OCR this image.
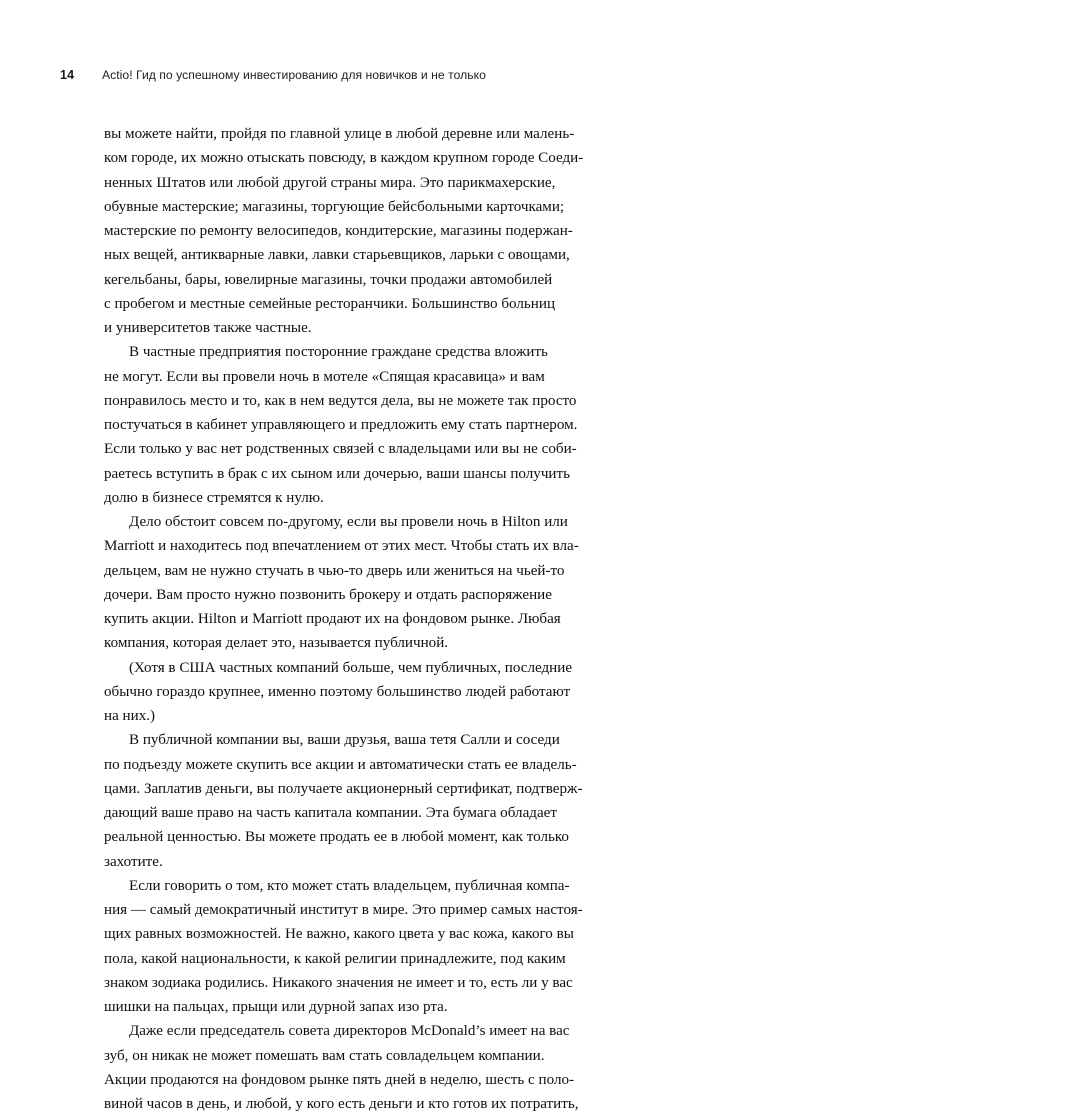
14	Actio! Гид по успешному инвестированию для новичков и не только

вы можете найти, пройдя по главной улице в любой деревне или малень-
ком городе, их можно отыскать повсюду, в каждом крупном городе Соеди-
ненных Штатов или любой другой страны мира. Это парикмахерские,
обувные мастерские; магазины, торгующие бейсбольными карточками;
мастерские по ремонту велосипедов, кондитерские, магазины подержан-
ных вещей, антикварные лавки, лавки старьевщиков, ларьки с овощами,
кегельбаны, бары, ювелирные магазины, точки продажи автомобилей
с пробегом и местные семейные ресторанчики. Большинство больниц
и университетов также частные.

В частные предприятия посторонние граждане средства вложить
не могут. Если вы провели ночь в мотеле «Спящая красавица» и вам
понравилось место и то, как в нем ведутся дела, вы не можете так просто
постучаться в кабинет управляющего и предложить ему стать партнером.
Если только у вас нет родственных связей с владельцами или вы не соби-
раетесь вступить в брак с их сыном или дочерью, ваши шансы получить
долю в бизнесе стремятся к нулю.

Дело обстоит совсем по-другому, если вы провели ночь в Hilton или
Marriott и находитесь под впечатлением от этих мест. Чтобы стать их вла-
дельцем, вам не нужно стучать в чью-то дверь или жениться на чьей-то
дочери. Вам просто нужно позвонить брокеру и отдать распоряжение
купить акции. Hilton и Marriott продают их на фондовом рынке. Любая
компания, которая делает это, называется публичной.

(Хотя в США частных компаний больше, чем публичных, последние
обычно гораздо крупнее, именно поэтому большинство людей работают
на них.)

В публичной компании вы, ваши друзья, ваша тетя Салли и соседи
по подъезду можете скупить все акции и автоматически стать ее владель-
цами. Заплатив деньги, вы получаете акционерный сертификат, подтверж-
дающий ваше право на часть капитала компании. Эта бумага обладает
реальной ценностью. Вы можете продать ее в любой момент, как только
захотите.

Если говорить о том, кто может стать владельцем, публичная компа-
ния — самый демократичный институт в мире. Это пример самых настоя-
щих равных возможностей. Не важно, какого цвета у вас кожа, какого вы
пола, какой национальности, к какой религии принадлежите, под каким
знаком зодиака родились. Никакого значения не имеет и то, есть ли у вас
шишки на пальцах, прыщи или дурной запах изо рта.

Даже если председатель совета директоров McDonald’s имеет на вас
зуб, он никак не может помешать вам стать совладельцем компании.
Акции продаются на фондовом рынке пять дней в неделю, шесть с поло-
виной часов в день, и любой, у кого есть деньги и кто готов их потратить,
